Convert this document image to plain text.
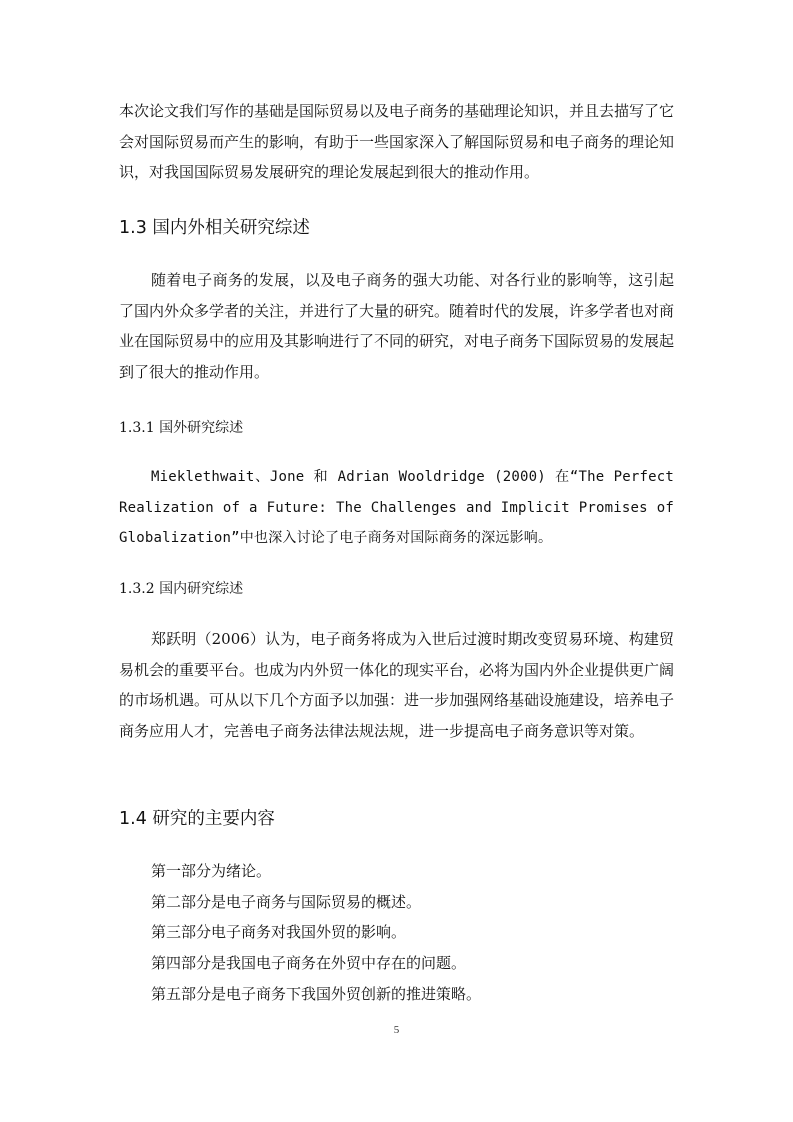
本次论文我们写作的基础是国际贸易以及电子商务的基础理论知识，并且去描写了它会对国际贸易而产生的影响，有助于一些国家深入了解国际贸易和电子商务的理论知识，对我国国际贸易发展研究的理论发展起到很大的推动作用。

1.3 国内外相关研究综述

随着电子商务的发展，以及电子商务的强大功能、对各行业的影响等，这引起了国内外众多学者的关注，并进行了大量的研究。随着时代的发展，许多学者也对商业在国际贸易中的应用及其影响进行了不同的研究，对电子商务下国际贸易的发展起到了很大的推动作用。

1.3.1 国外研究综述

Mieklethwait、Jone 和 Adrian Wooldridge (2000) 在“The Perfect Realization of a Future: The Challenges and Implicit Promises of Globalization”中也深入讨论了电子商务对国际商务的深远影响。

1.3.2 国内研究综述

郑跃明（2006）认为，电子商务将成为入世后过渡时期改变贸易环境、构建贸易机会的重要平台。也成为内外贸一体化的现实平台，必将为国内外企业提供更广阔的市场机遇。可从以下几个方面予以加强：进一步加强网络基础设施建设，培养电子商务应用人才，完善电子商务法律法规法规，进一步提高电子商务意识等对策。

1.4 研究的主要内容
第一部分为绪论。
第二部分是电子商务与国际贸易的概述。
第三部分电子商务对我国外贸的影响。
第四部分是我国电子商务在外贸中存在的问题。
第五部分是电子商务下我国外贸创新的推进策略。
5
